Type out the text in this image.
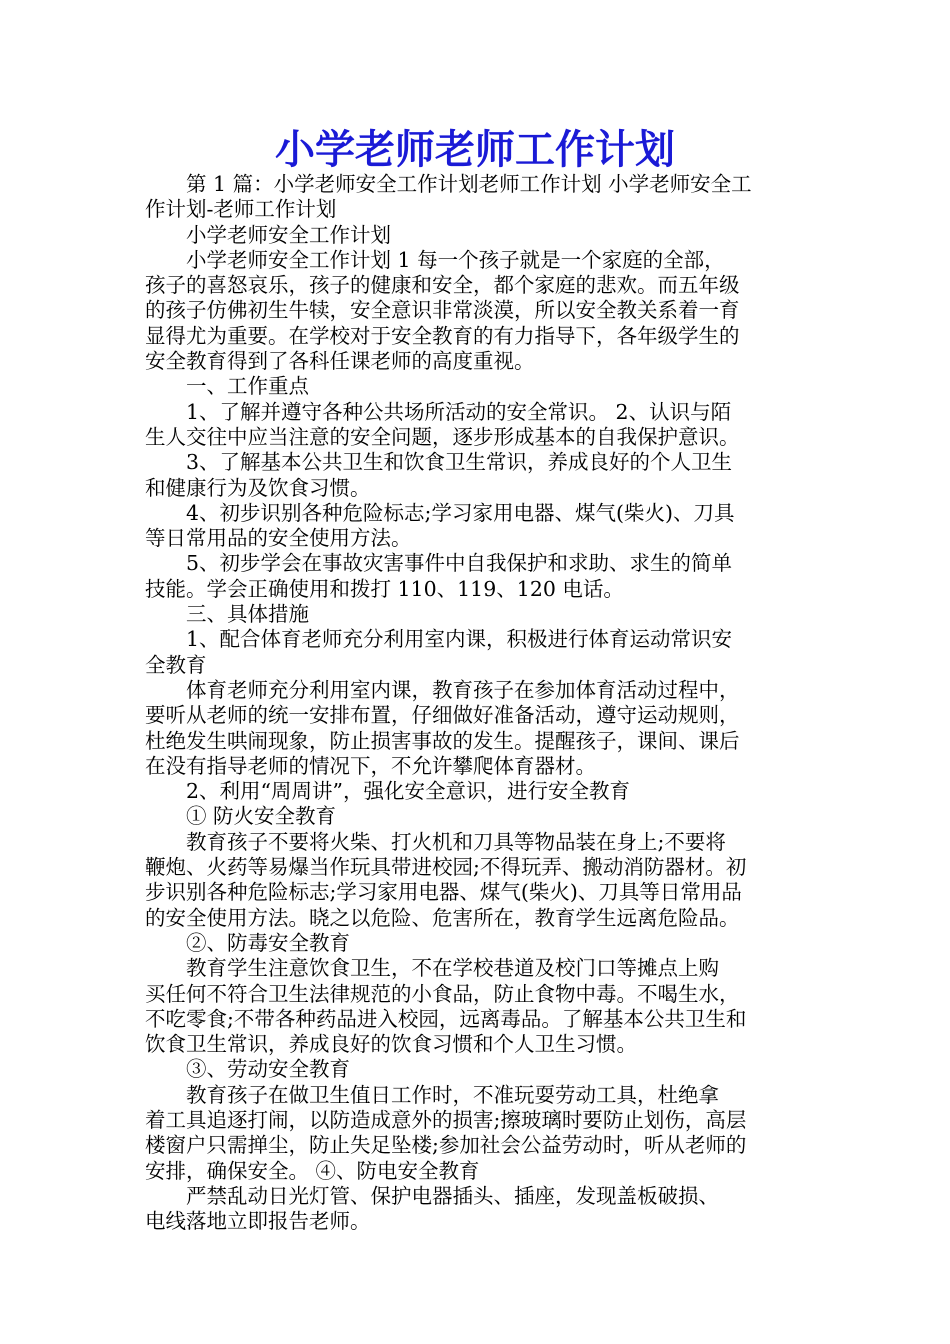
小学老师老师工作计划

第 1 篇：小学老师安全工作计划老师工作计划 小学老师安全工

作计划-老师工作计划

小学老师安全工作计划

小学老师安全工作计划 1 每一个孩子就是一个家庭的全部，

孩子的喜怒哀乐，孩子的健康和安全，都个家庭的悲欢。而五年级

的孩子仿佛初生牛犊，安全意识非常淡漠，所以安全教关系着一育

显得尤为重要。在学校对于安全教育的有力指导下，各年级学生的

安全教育得到了各科任课老师的高度重视。

一、工作重点

1、了解并遵守各种公共场所活动的安全常识。 2、认识与陌

生人交往中应当注意的安全问题，逐步形成基本的自我保护意识。

3、了解基本公共卫生和饮食卫生常识，养成良好的个人卫生

和健康行为及饮食习惯。

4、初步识别各种危险标志;学习家用电器、煤气(柴火)、刀具

等日常用品的安全使用方法。

5、初步学会在事故灾害事件中自我保护和求助、求生的简单

技能。学会正确使用和拨打 110、119、120 电话。

三、具体措施

1、配合体育老师充分利用室内课，积极进行体育运动常识安

全教育

体育老师充分利用室内课，教育孩子在参加体育活动过程中，

要听从老师的统一安排布置，仔细做好准备活动，遵守运动规则，

杜绝发生哄闹现象，防止损害事故的发生。提醒孩子，课间、课后

在没有指导老师的情况下，不允许攀爬体育器材。

2、利用“周周讲”，强化安全意识，进行安全教育

① 防火安全教育

教育孩子不要将火柴、打火机和刀具等物品装在身上;不要将

鞭炮、火药等易爆当作玩具带进校园;不得玩弄、搬动消防器材。初

步识别各种危险标志;学习家用电器、煤气(柴火)、刀具等日常用品

的安全使用方法。晓之以危险、危害所在，教育学生远离危险品。

②、防毒安全教育

教育学生注意饮食卫生，不在学校巷道及校门口等摊点上购

买任何不符合卫生法律规范的小食品，防止食物中毒。不喝生水，

不吃零食;不带各种药品进入校园，远离毒品。了解基本公共卫生和

饮食卫生常识，养成良好的饮食习惯和个人卫生习惯。

③、劳动安全教育

教育孩子在做卫生值日工作时，不准玩耍劳动工具，杜绝拿

着工具追逐打闹，以防造成意外的损害;擦玻璃时要防止划伤，高层

楼窗户只需掸尘，防止失足坠楼;参加社会公益劳动时，听从老师的

安排，确保安全。 ④、防电安全教育

严禁乱动日光灯管、保护电器插头、插座，发现盖板破损、

电线落地立即报告老师。
